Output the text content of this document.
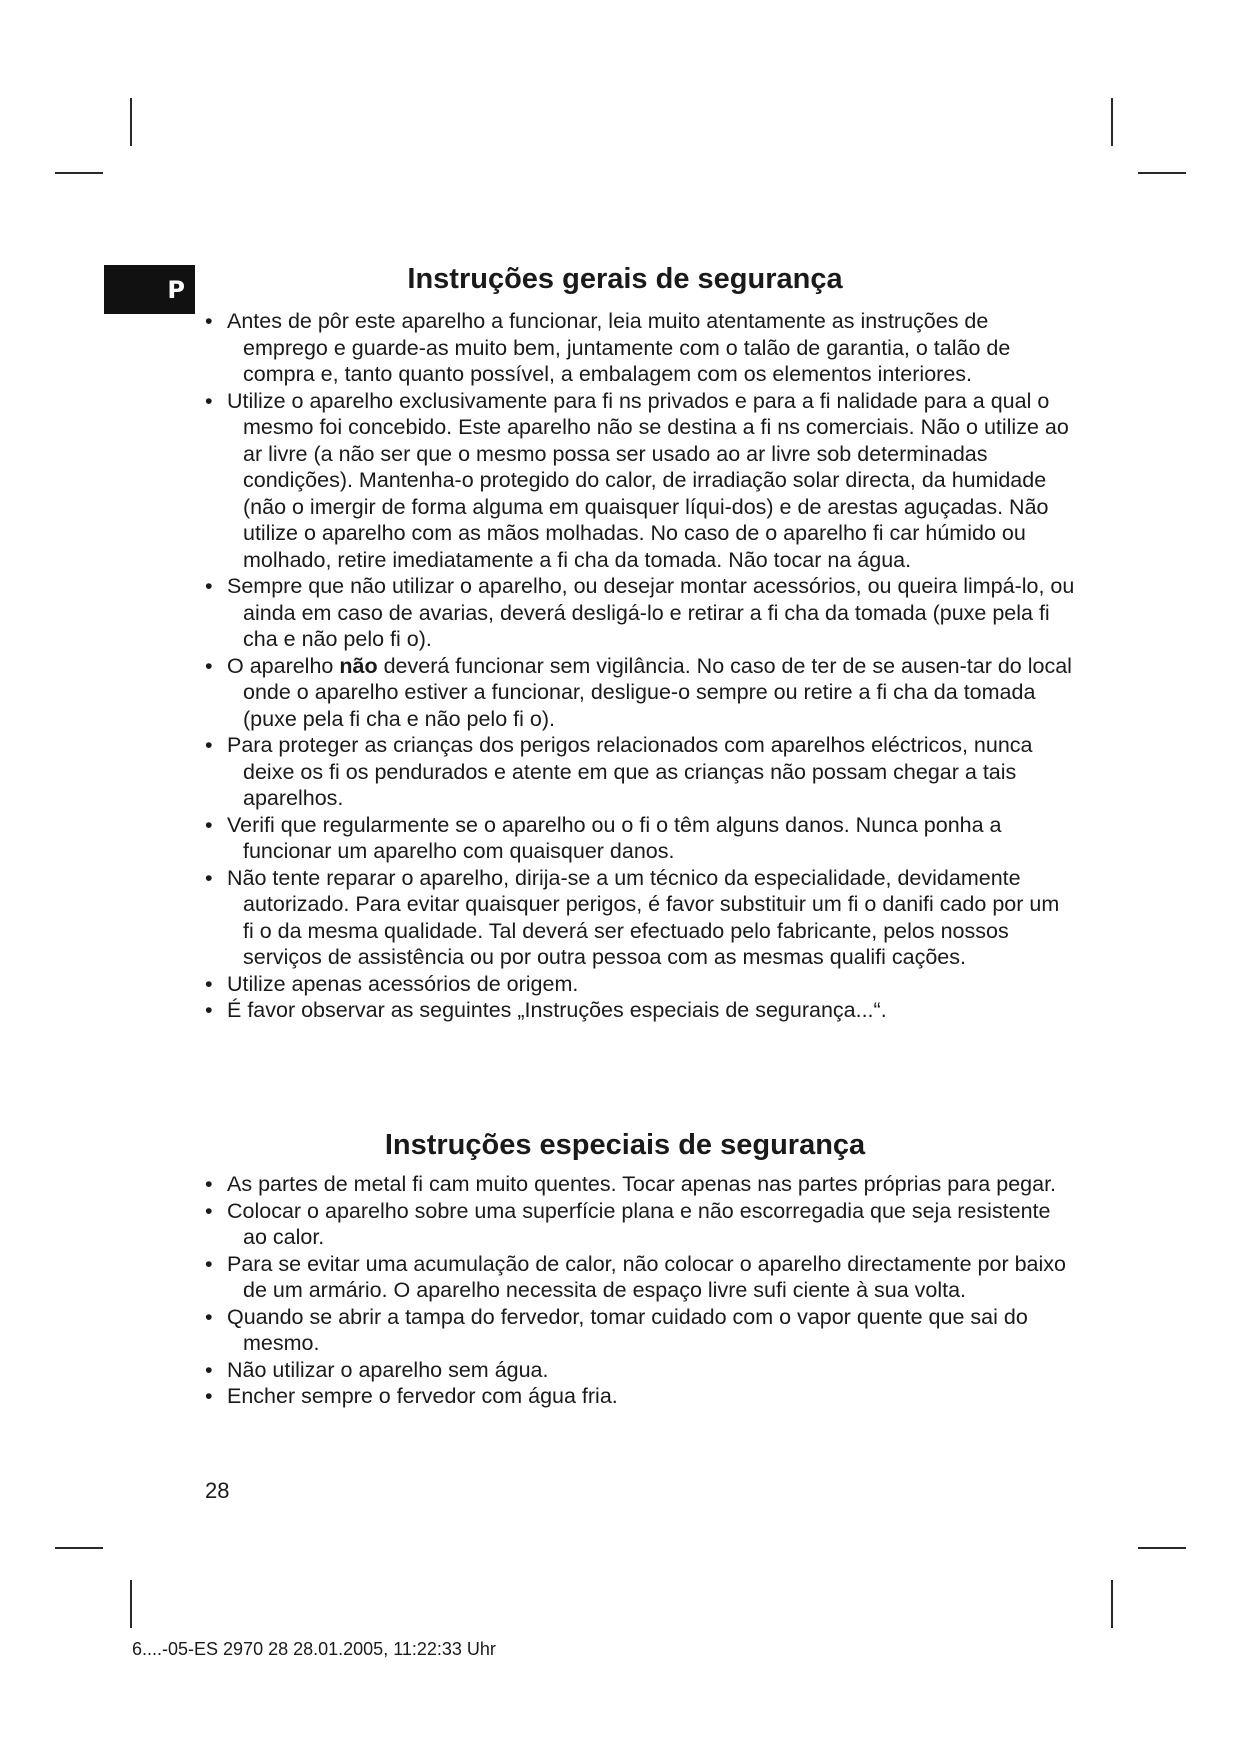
P	Instruções gerais de segurança
• Antes de pôr este aparelho a funcionar, leia muito atentamente as instruções de emprego e guarde-as muito bem, juntamente com o talão de garantia, o talão de compra e, tanto quanto possível, a embalagem com os elementos interiores.
• Utilize o aparelho exclusivamente para fi ns privados e para a fi nalidade para a qual o mesmo foi concebido. Este aparelho não se destina a fi ns comerciais. Não o utilize ao ar livre (a não ser que o mesmo possa ser usado ao ar livre sob determinadas condições). Mantenha-o protegido do calor, de irradiação solar directa, da humidade (não o imergir de forma alguma em quaisquer líqui-dos) e de arestas aguçadas. Não utilize o aparelho com as mãos molhadas. No caso de o aparelho fi car húmido ou molhado, retire imediatamente a fi cha da tomada. Não tocar na água.
• Sempre que não utilizar o aparelho, ou desejar montar acessórios, ou queira limpá-lo, ou ainda em caso de avarias, deverá desligá-lo e retirar a fi cha da tomada (puxe pela fi cha e não pelo fi o).
• O aparelho não deverá funcionar sem vigilância. No caso de ter de se ausen-tar do local onde o aparelho estiver a funcionar, desligue-o sempre ou retire a fi cha da tomada (puxe pela fi cha e não pelo fi o).
• Para proteger as crianças dos perigos relacionados com aparelhos eléctricos, nunca deixe os fi os pendurados e atente em que as crianças não possam chegar a tais aparelhos.
• Verifi que regularmente se o aparelho ou o fi o têm alguns danos. Nunca ponha a funcionar um aparelho com quaisquer danos.
• Não tente reparar o aparelho, dirija-se a um técnico da especialidade, devidamente autorizado. Para evitar quaisquer perigos, é favor substituir um fi o danifi cado por um fi o da mesma qualidade. Tal deverá ser efectuado pelo fabricante, pelos nossos serviços de assistência ou por outra pessoa com as mesmas qualifi cações.
• Utilize apenas acessórios de origem.
• É favor observar as seguintes „Instruções especiais de segurança...“.
Instruções especiais de segurança
• As partes de metal fi cam muito quentes. Tocar apenas nas partes próprias para pegar.
• Colocar o aparelho sobre uma superfície plana e não escorregadia que seja resistente ao calor.
• Para se evitar uma acumulação de calor, não colocar o aparelho directamente por baixo de um armário. O aparelho necessita de espaço livre sufi ciente à sua volta.
• Quando se abrir a tampa do fervedor, tomar cuidado com o vapor quente que sai do mesmo.
• Não utilizar o aparelho sem água.
• Encher sempre o fervedor com água fria.
28
6....-05-ES 2970 28 28.01.2005, 11:22:33 Uhr
